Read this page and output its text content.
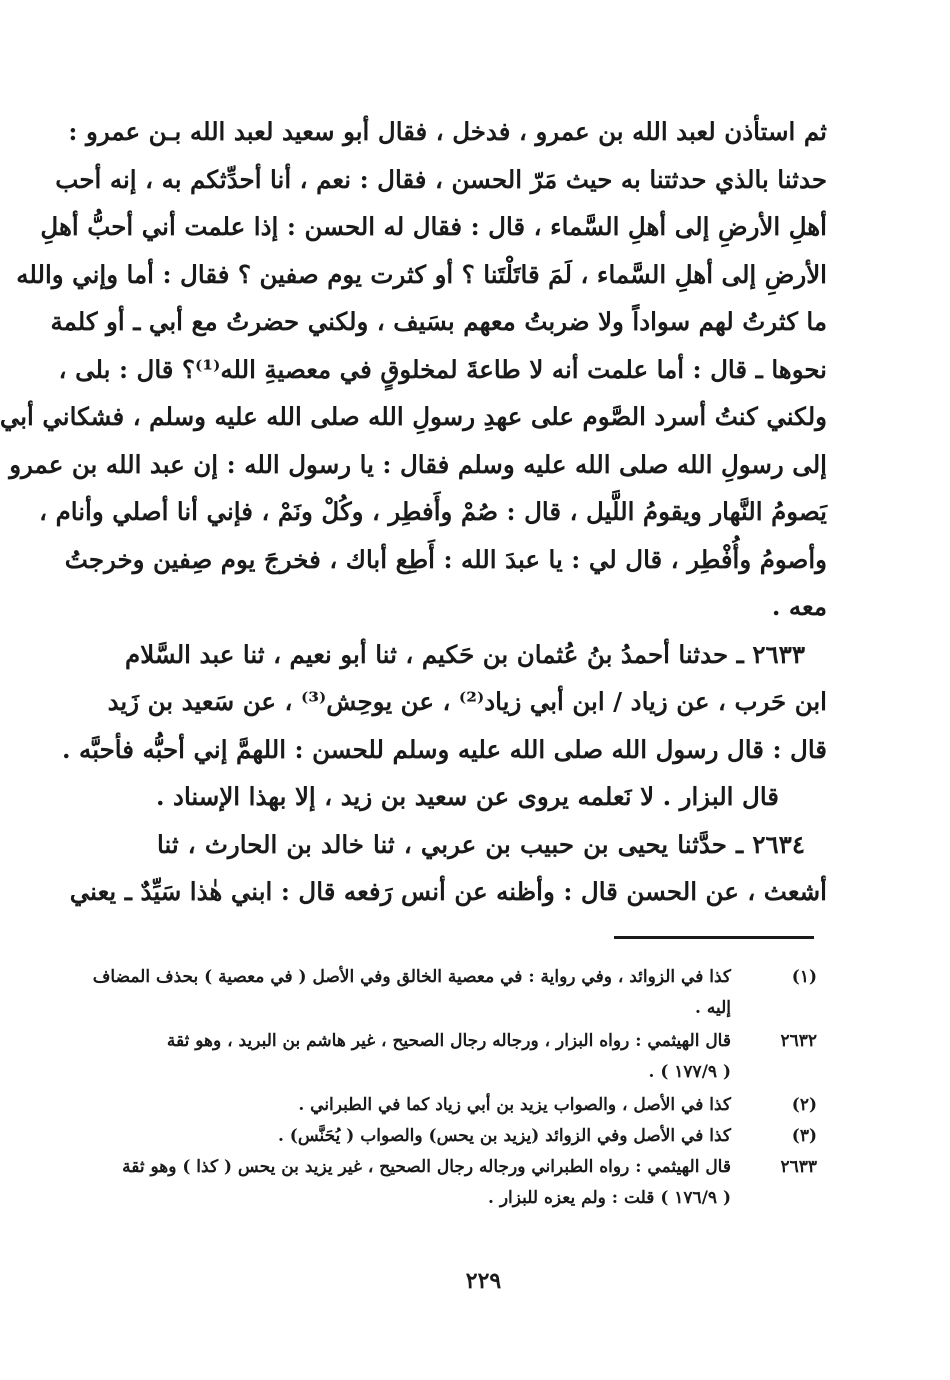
ثم استأذن لعبد الله بن عمرو ، فدخل ، فقال أبو سعيد لعبد الله بـن عمرو :
حدثنا بالذي حدثتنا به حيث مَرّ الحسن ، فقال : نعم ، أنا أحدِّثكم به ، إنه أحب
أهلِ الأرضِ إلى أهلِ السَّماء ، قال : فقال له الحسن : إذا علمت أني أحبُّ أهلِ
الأرضِ إلى أهلِ السَّماء ، لَمَ قاتَلْتَنا ؟ أو كثرت يوم صفين ؟ فقال : أما وإني والله
ما كثرتُ لهم سواداً ولا ضربتُ معهم بسَيف ، ولكني حضرتُ مع أبي ـ أو كلمة
نحوها ـ قال : أما علمت أنه لا طاعةَ لمخلوقٍ في معصيةِ الله⁽¹⁾؟ قال : بلى ،
ولكني كنتُ أسرد الصَّوم على عهدِ رسولِ الله صلى الله عليه وسلم ، فشكاني أبي
إلى رسولِ الله صلى الله عليه وسلم فقال : يا رسول الله : إن عبد الله بن عمرو
يَصومُ النَّهار ويقومُ اللَّيل ، قال : صُمْ وأَفطِر ، وكُلْ ونَمْ ، فإني أنا أصلي وأنام ،
وأصومُ وأُفْطِر ، قال لي : يا عبدَ الله : أَطِع أباك ، فخرجَ يوم صِفين وخرجتُ
معه .
٢٦٣٣ ـ حدثنا أحمدُ بنُ عُثمان بن حَكيم ، ثنا أبو نعيم ، ثنا عبد السَّلام
ابن حَرب ، عن زياد / ابن أبي زياد⁽²⁾ ، عن يوحِش⁽³⁾ ، عن سَعيد بن زَيد
قال : قال رسول الله صلى الله عليه وسلم للحسن : اللهمَّ إني أحبُّه فأحبَّه .
قال البزار . لا نَعلمه يروى عن سعيد بن زيد ، إلا بهذا الإسناد .
٢٦٣٤ ـ حدَّثنا يحيى بن حبيب بن عربي ، ثنا خالد بن الحارث ، ثنا
أشعث ، عن الحسن قال : وأظنه عن أنس رَفعه قال : ابني هٰذا سَيِّدٌ ـ يعني
(١)
كذا في الزوائد ، وفي رواية : في معصية الخالق وفي الأصل ( في معصية ) بحذف المضاف
إليه .
٢٦٣٢
قال الهيثمي : رواه البزار ، ورجاله رجال الصحيح ، غير هاشم بن البريد ، وهو ثقة
( ١٧٧/٩ ) .
(٢)
كذا في الأصل ، والصواب يزيد بن أبي زياد كما في الطبراني .
(٣)
كذا في الأصل وفي الزوائد (يزيد بن يحس) والصواب ( يُحَنَّس) .
٢٦٣٣
قال الهيثمي : رواه الطبراني ورجاله رجال الصحيح ، غير يزيد بن يحس ( كذا ) وهو ثقة
( ١٧٦/٩ ) قلت : ولم يعزه للبزار .
٢٢٩
